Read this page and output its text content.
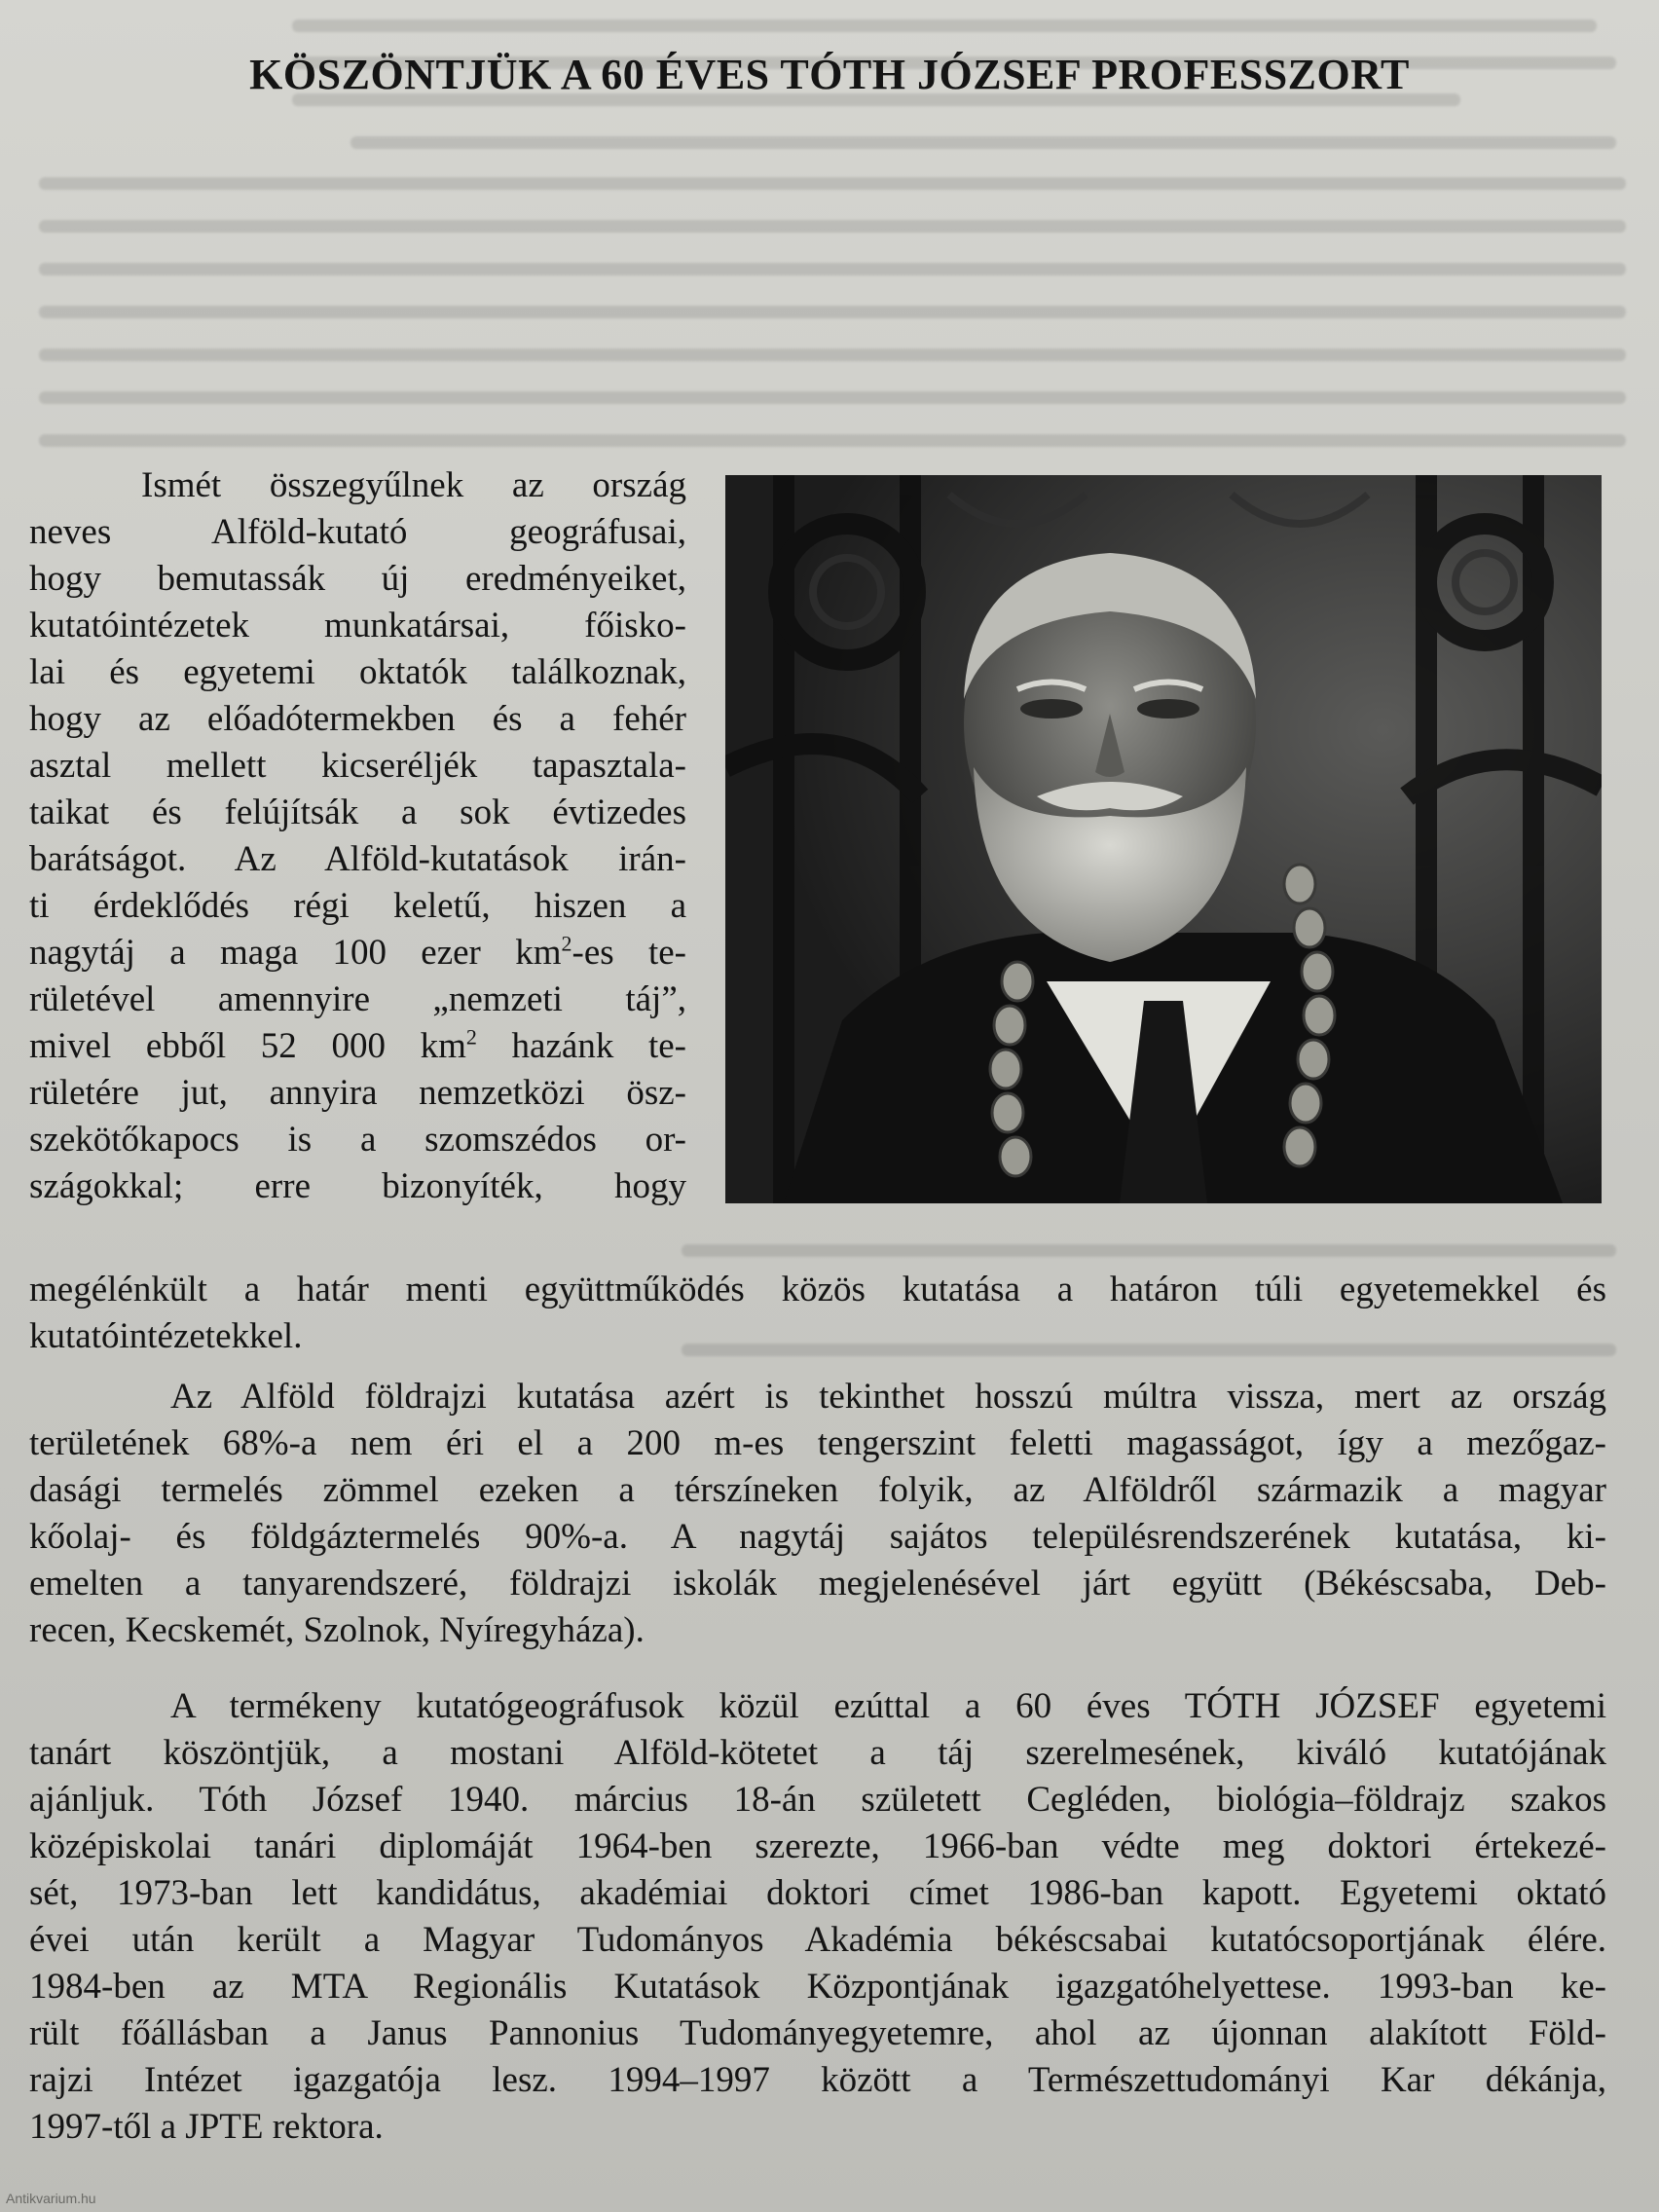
KÖSZÖNTJÜK A 60 ÉVES TÓTH JÓZSEF PROFESSZORT
Ismét összegyűlnek az ország
neves Alföld-kutató geográfusai,
hogy bemutassák új eredményeiket,
kutatóintézetek munkatársai, főisko-
lai és egyetemi oktatók találkoznak,
hogy az előadótermekben és a fehér
asztal mellett kicseréljék tapasztala-
taikat és felújítsák a sok évtizedes
barátságot. Az Alföld-kutatások irán-
ti érdeklődés régi keletű, hiszen a
nagytáj a maga 100 ezer $km^2-es$ te-
rületével amennyire „nemzeti táj”,
mivel ebből 52 000 $km^2$ hazánk te-
rületére jut, annyira nemzetközi ösz-
szekötőkapocs is a szomszédos or-
szágokkal; erre bizonyíték, hogy
megélénkült a határ menti együttműködés közös kutatása a határon túli egyetemekkel és
kutatóintézetekkel.
Az Alföld földrajzi kutatása azért is tekinthet hosszú múltra vissza, mert az ország
területének 68%-a nem éri el a 200 m-es tengerszint feletti magasságot, így a mezőgaz-
dasági termelés zömmel ezeken a térszíneken folyik, az Alföldről származik a magyar
kőolaj- és földgáztermelés 90%-a. A nagytáj sajátos településrendszerének kutatása, ki-
emelten a tanyarendszeré, földrajzi iskolák megjelenésével járt együtt (Békéscsaba, Deb-
recen, Kecskemét, Szolnok, Nyíregyháza).
A termékeny kutatógeográfusok közül ezúttal a 60 éves TÓTH JÓZSEF egyetemi
tanárt köszöntjük, a mostani Alföld-kötetet a táj szerelmesének, kiváló kutatójának
ajánljuk. Tóth József 1940. március 18-án született Cegléden, biológia–földrajz szakos
középiskolai tanári diplomáját 1964-ben szerezte, 1966-ban védte meg doktori értekezé-
sét, 1973-ban lett kandidátus, akadémiai doktori címet 1986-ban kapott. Egyetemi oktató
évei után került a Magyar Tudományos Akadémia békéscsabai kutatócsoportjának élére.
1984-ben az MTA Regionális Kutatások Központjának igazgatóhelyettese. 1993-ban ke-
rült főállásban a Janus Pannonius Tudományegyetemre, ahol az újonnan alakított Föld-
rajzi Intézet igazgatója lesz. 1994–1997 között a Természettudományi Kar dékánja,
1997-től a JPTE rektora.
Antikvarium.hu
